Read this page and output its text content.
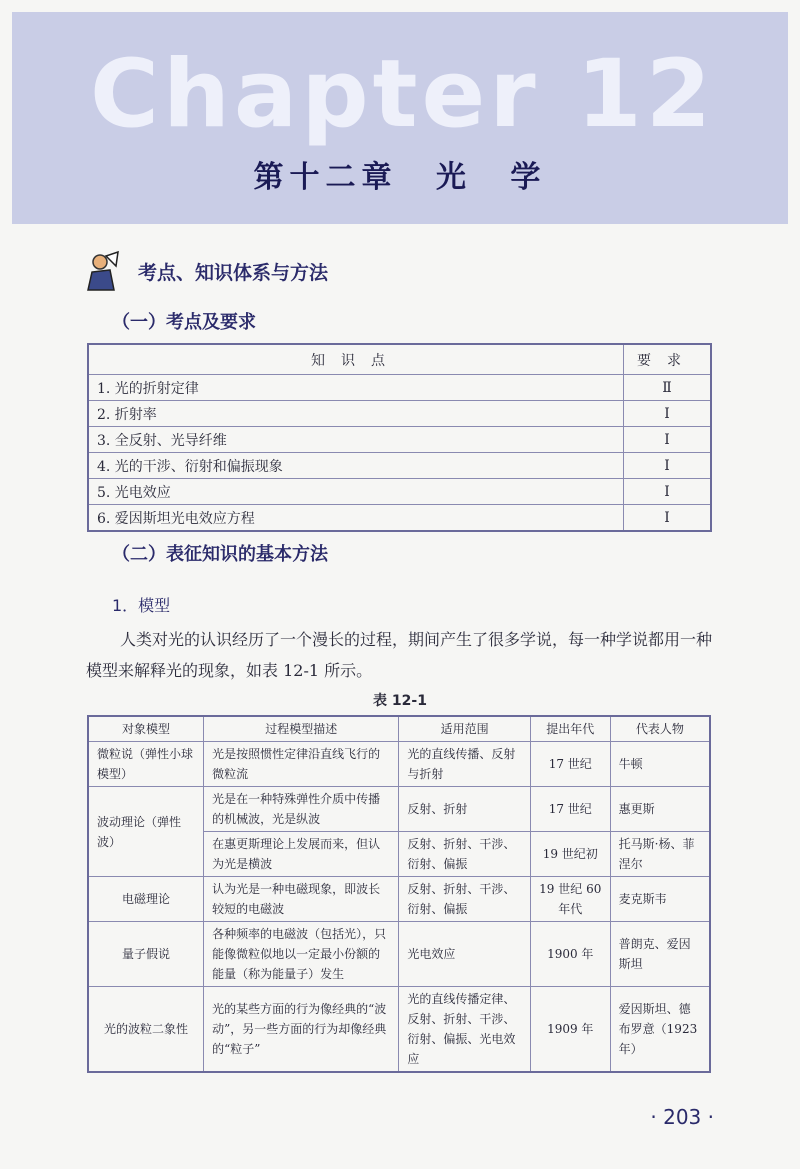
Chapter 12
第十二章 光 学
考点、知识体系与方法
（一）考点及要求
知识点	要求
1. 光的折射定律	Ⅱ
2. 折射率	Ⅰ
3. 全反射、光导纤维	Ⅰ
4. 光的干涉、衍射和偏振现象	Ⅰ
5. 光电效应	Ⅰ
6. 爱因斯坦光电效应方程	Ⅰ
（二）表征知识的基本方法
1．模型
人类对光的认识经历了一个漫长的过程，期间产生了很多学说，每一种学说都用一种模型来解释光的现象，如表 12-1 所示。
表 12-1
对象模型	过程模型描述	适用范围	提出年代	代表人物
微粒说（弹性小球模型）	光是按照惯性定律沿直线飞行的微粒流	光的直线传播、反射与折射	17 世纪	牛顿
波动理论（弹性波）	光是在一种特殊弹性介质中传播的机械波，光是纵波	反射、折射	17 世纪	惠更斯
	在惠更斯理论上发展而来，但认为光是横波	反射、折射、干涉、衍射、偏振	19 世纪初	托马斯·杨、菲涅尔
电磁理论	认为光是一种电磁现象，即波长较短的电磁波	反射、折射、干涉、衍射、偏振	19 世纪 60 年代	麦克斯韦
量子假说	各种频率的电磁波（包括光），只能像微粒似地以一定最小份额的能量（称为能量子）发生	光电效应	1900 年	普朗克、爱因斯坦
光的波粒二象性	光的某些方面的行为像经典的“波动”，另一些方面的行为却像经典的“粒子”	光的直线传播定律、反射、折射、干涉、衍射、偏振、光电效应	1909 年	爱因斯坦、德布罗意（1923 年）
· 203 ·
